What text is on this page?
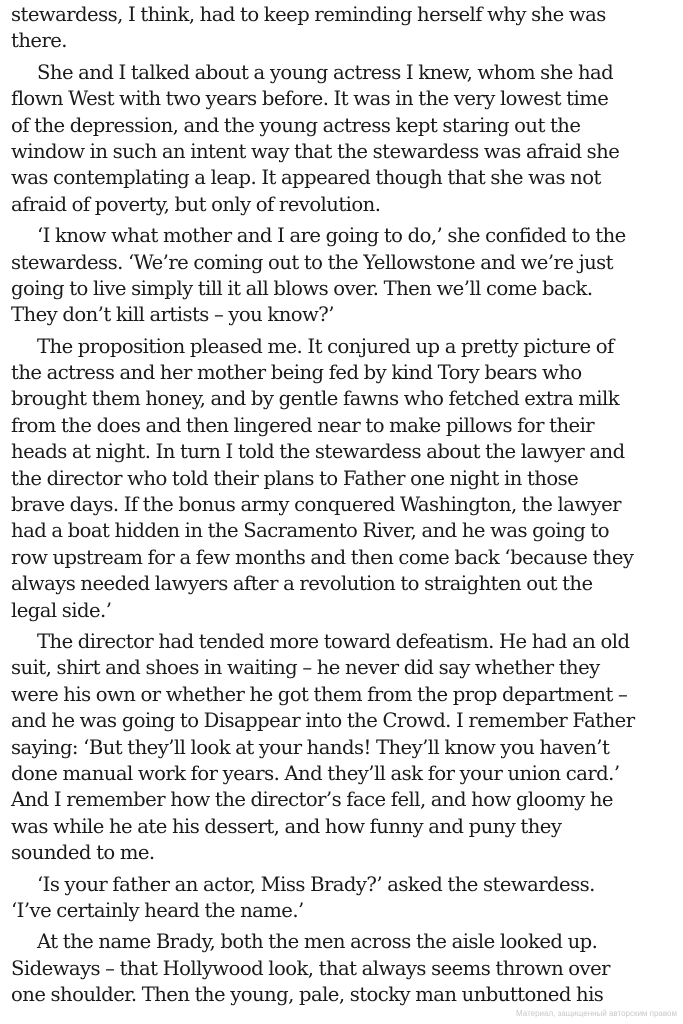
stewardess, I think, had to keep reminding herself why she was
there.
She and I talked about a young actress I knew, whom she had
flown West with two years before. It was in the very lowest time
of the depression, and the young actress kept staring out the
window in such an intent way that the stewardess was afraid she
was contemplating a leap. It appeared though that she was not
afraid of poverty, but only of revolution.
‘I know what mother and I are going to do,’ she confided to the
stewardess. ‘We’re coming out to the Yellowstone and we’re just
going to live simply till it all blows over. Then we’ll come back.
They don’t kill artists – you know?’
The proposition pleased me. It conjured up a pretty picture of
the actress and her mother being fed by kind Tory bears who
brought them honey, and by gentle fawns who fetched extra milk
from the does and then lingered near to make pillows for their
heads at night. In turn I told the stewardess about the lawyer and
the director who told their plans to Father one night in those
brave days. If the bonus army conquered Washington, the lawyer
had a boat hidden in the Sacramento River, and he was going to
row upstream for a few months and then come back ‘because they
always needed lawyers after a revolution to straighten out the
legal side.’
The director had tended more toward defeatism. He had an old
suit, shirt and shoes in waiting – he never did say whether they
were his own or whether he got them from the prop department –
and he was going to Disappear into the Crowd. I remember Father
saying: ‘But they’ll look at your hands! They’ll know you haven’t
done manual work for years. And they’ll ask for your union card.’
And I remember how the director’s face fell, and how gloomy he
was while he ate his dessert, and how funny and puny they
sounded to me.
‘Is your father an actor, Miss Brady?’ asked the stewardess.
‘I’ve certainly heard the name.’
At the name Brady, both the men across the aisle looked up.
Sideways – that Hollywood look, that always seems thrown over
one shoulder. Then the young, pale, stocky man unbuttoned his
Материал, защищенный авторским правом
